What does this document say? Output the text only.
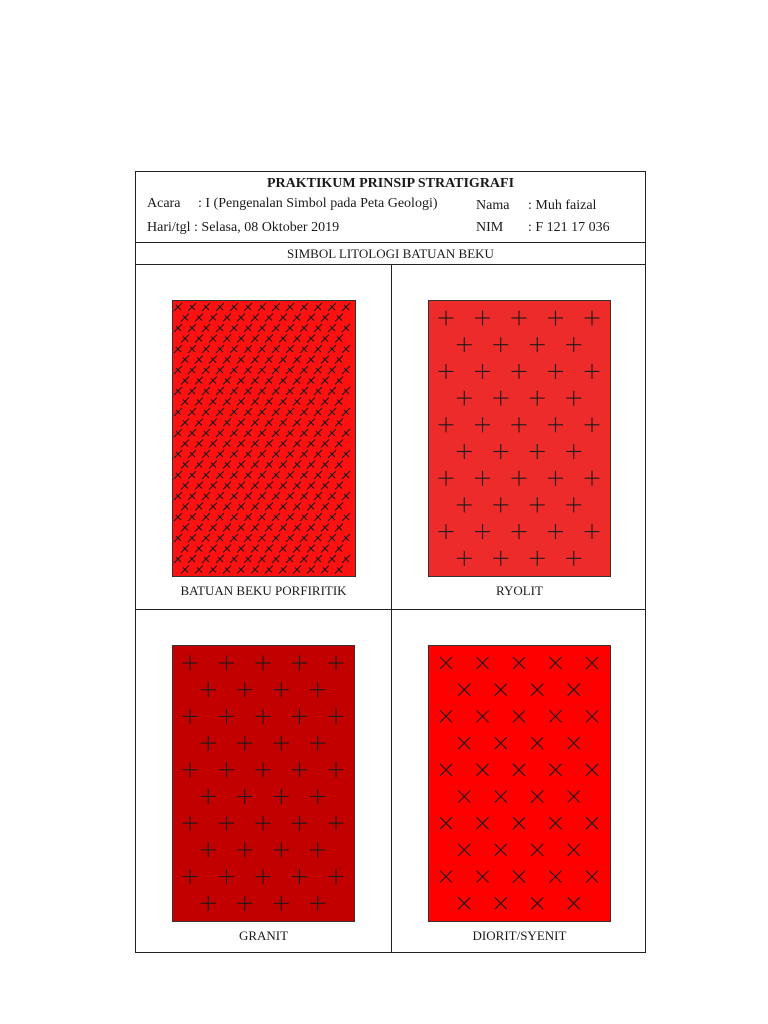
PRAKTIKUM PRINSIP STRATIGRAFI
Acara : I (Pengenalan Simbol pada Peta Geologi)	Nama : Muh faizal
Hari/tgl : Selasa, 08 Oktober 2019	NIM : F 121 17 036
SIMBOL LITOLOGI BATUAN BEKU
BATUAN BEKU PORFIRITIK	RYOLIT
GRANIT	DIORIT/SYENIT
